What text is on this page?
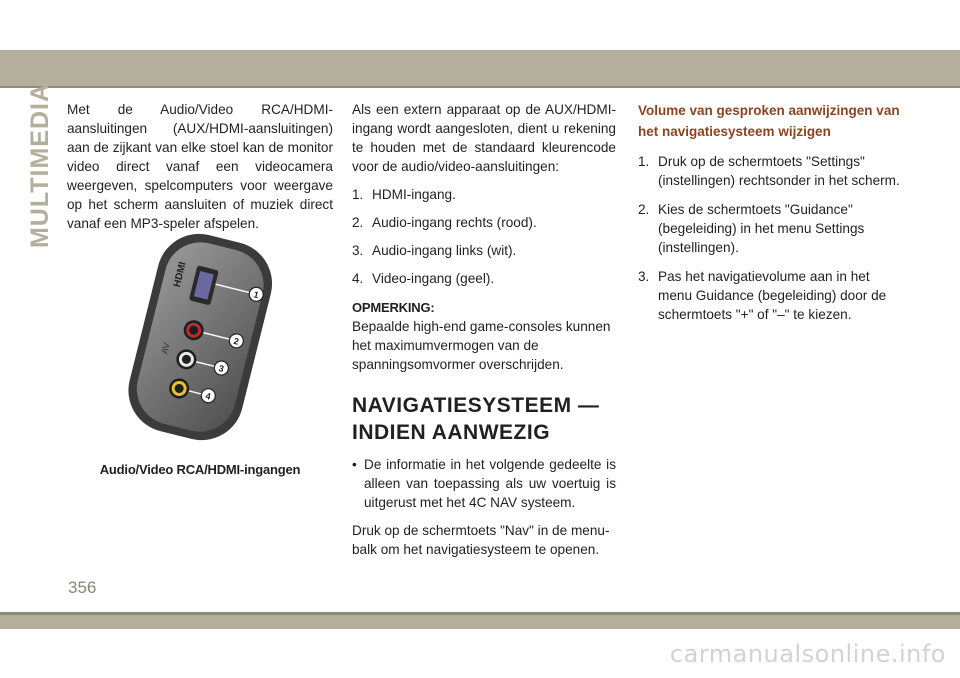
MULTIMEDIA Met de Audio/Video RCA/HDMI-aansluitingen (AUX/HDMI-aansluitingen) aan de zijkant van elke stoel kan de monitor video direct vanaf een videocamera weergeven, spelcomputers voor weergave op het scherm aansluiten of muziek direct vanaf een MP3-speler afspelen.

HDMI
AV
1
2
3
4
Audio/Video RCA/HDMI-ingangen

Als een extern apparaat op de AUX/HDMI-ingang wordt aangesloten, dient u rekening te houden met de standaard kleurencode voor de audio/video-aansluitingen:

1. HDMI-ingang.
2. Audio-ingang rechts (rood).
3. Audio-ingang links (wit).
4. Video-ingang (geel).
OPMERKING:

Bepaalde high-end game-consoles kunnen het maximumvermogen van de spanningsomvormer overschrijden.

NAVIGATIESYSTEEM —
INDIEN AANWEZIG
• De informatie in het volgende gedeelte is alleen van toepassing als uw voertuig is uitgerust met het 4C NAV systeem.

Druk op de schermtoets "Nav" in de menubalk om het navigatiesysteem te openen.

Volume van gesproken aanwijzingen van
het navigatiesysteem wijzigen
1. Druk op de schermtoets "Settings" (instellingen) rechtsonder in het scherm.
2. Kies de schermtoets "Guidance" (begeleiding) in het menu Settings (instellingen).
3. Pas het navigatievolume aan in het menu Guidance (begeleiding) door de schermtoets "+" of "–" te kiezen.
356
carmanualsonline.info
